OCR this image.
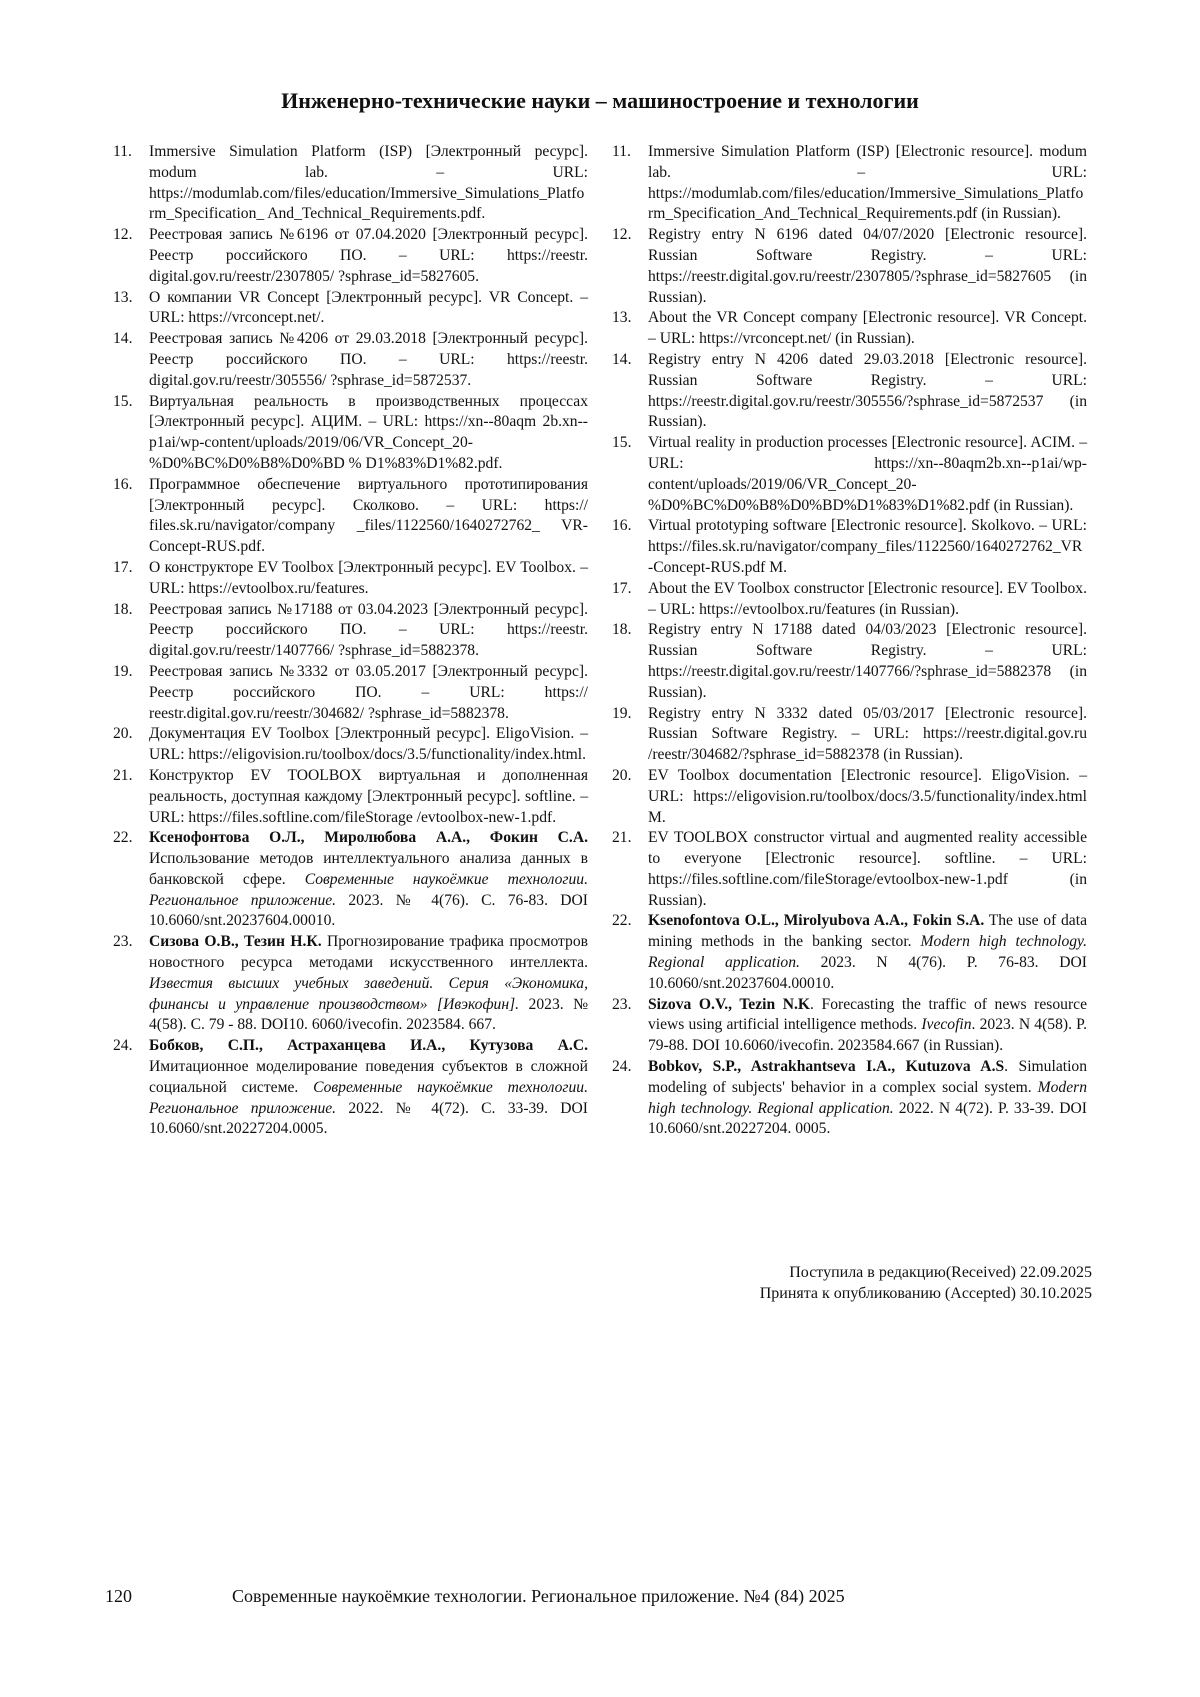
Инженерно-технические науки – машиностроение и технологии
11.	Immersive Simulation Platform (ISP) [Электронный ресурс]. modum lab. – URL: https://modumlab.com/files/education/Immersive_Simulations_Platform_Specification_ And_Technical_Requirements.pdf.
12.	Реестровая запись №6196 от 07.04.2020 [Электронный ресурс]. Реестр российского ПО. – URL: https://reestr. digital.gov.ru/reestr/2307805/ ?sphrase_id=5827605.
13.	О компании VR Concept [Электронный ресурс]. VR Concept. – URL: https://vrconcept.net/.
14.	Реестровая запись №4206 от 29.03.2018 [Электронный ресурс]. Реестр российского ПО. – URL: https://reestr. digital.gov.ru/reestr/305556/ ?sphrase_id=5872537.
15.	Виртуальная реальность в производственных процессах [Электронный ресурс]. АЦИМ. – URL: https://xn--80aqm 2b.xn-- p1ai/wp-content/uploads/2019/06/VR_Concept_20-%D0%BC%D0%B8%D0%BD % D1%83%D1%82.pdf.
16.	Программное обеспечение виртуального прототипирования [Электронный ресурс]. Сколково. – URL: https:// files.sk.ru/navigator/company _files/1122560/1640272762_ VR-Concept-RUS.pdf.
17.	О конструкторе EV Toolbox [Электронный ресурс]. EV Toolbox. – URL: https://evtoolbox.ru/features.
18.	Реестровая запись №17188 от 03.04.2023 [Электронный ресурс]. Реестр российского ПО. – URL: https://reestr. digital.gov.ru/reestr/1407766/ ?sphrase_id=5882378.
19.	Реестровая запись №3332 от 03.05.2017 [Электронный ресурс]. Реестр российского ПО. – URL: https:// reestr.digital.gov.ru/reestr/304682/ ?sphrase_id=5882378.
20.	Документация EV Toolbox [Электронный ресурс]. EligoVision. – URL: https://eligovision.ru/toolbox/docs/3.5/functionality/index.html.
21.	Конструктор EV TOOLBOX виртуальная и дополненная реальность, доступная каждому [Электронный ресурс]. softline. – URL: https://files.softline.com/fileStorage /evtoolbox-new-1.pdf.
22.	Ксенофонтова О.Л., Миролюбова А.А., Фокин С.А. Использование методов интеллектуального анализа данных в банковской сфере. Современные наукоёмкие технологии. Региональное приложение. 2023. № 4(76). С. 76-83. DOI 10.6060/snt.20237604.00010.
23.	Сизова О.В., Тезин Н.К. Прогнозирование трафика просмотров новостного ресурса методами искусственного интеллекта. Известия высших учебных заведений. Серия «Экономика, финансы и управление производством» [Ивэкофин]. 2023. № 4(58). С. 79 - 88. DOI10. 6060/ivecofin. 2023584. 667.
24.	Бобков, С.П., Астраханцева И.А., Кутузова А.С. Имитационное моделирование поведения субъектов в сложной социальной системе. Современные наукоёмкие технологии. Региональное приложение. 2022. № 4(72). С. 33-39. DOI 10.6060/snt.20227204.0005.
11.	Immersive Simulation Platform (ISP) [Electronic resource]. modum lab. – URL: https://modumlab.com/files/education/Immersive_Simulations_Platform_Specification_And_Technical_Requirements.pdf (in Russian).
12.	Registry entry N 6196 dated 04/07/2020 [Electronic resource]. Russian Software Registry. – URL: https://reestr.digital.gov.ru/reestr/2307805/?sphrase_id=5827605 (in Russian).
13.	About the VR Concept company [Electronic resource]. VR Concept. – URL: https://vrconcept.net/ (in Russian).
14.	Registry entry N 4206 dated 29.03.2018 [Electronic resource]. Russian Software Registry. – URL: https://reestr.digital.gov.ru/reestr/305556/?sphrase_id=5872537 (in Russian).
15.	Virtual reality in production processes [Electronic resource]. ACIM. – URL: https://xn--80aqm2b.xn--p1ai/wp-content/uploads/2019/06/VR_Concept_20-%D0%BC%D0%B8%D0%BD%D1%83%D1%82.pdf (in Russian).
16.	Virtual prototyping software [Electronic resource]. Skolkovo. – URL: https://files.sk.ru/navigator/company_files/1122560/1640272762_VR-Concept-RUS.pdf M.
17.	About the EV Toolbox constructor [Electronic resource]. EV Toolbox. – URL: https://evtoolbox.ru/features (in Russian).
18.	Registry entry N 17188 dated 04/03/2023 [Electronic resource]. Russian Software Registry. – URL: https://reestr.digital.gov.ru/reestr/1407766/?sphrase_id=5882378 (in Russian).
19.	Registry entry N 3332 dated 05/03/2017 [Electronic resource]. Russian Software Registry. – URL: https://reestr.digital.gov.ru /reestr/304682/?sphrase_id=5882378 (in Russian).
20.	EV Toolbox documentation [Electronic resource]. EligoVision. – URL: https://eligovision.ru/toolbox/docs/3.5/functionality/index.html M.
21.	EV TOOLBOX constructor virtual and augmented reality accessible to everyone [Electronic resource]. softline. – URL: https://files.softline.com/fileStorage/evtoolbox-new-1.pdf (in Russian).
22.	Ksenofontova O.L., Mirolyubova A.A., Fokin S.A. The use of data mining methods in the banking sector. Modern high technology. Regional application. 2023. N 4(76). P. 76-83. DOI 10.6060/snt.20237604.00010.
23.	Sizova O.V., Tezin N.K. Forecasting the traffic of news resource views using artificial intelligence methods. Ivecofin. 2023. N 4(58). P. 79-88. DOI 10.6060/ivecofin. 2023584.667 (in Russian).
24.	Bobkov, S.P., Astrakhantseva I.A., Kutuzova A.S. Simulation modeling of subjects' behavior in a complex social system. Modern high technology. Regional application. 2022. N 4(72). P. 33-39. DOI 10.6060/snt.20227204. 0005.
Поступила в редакцию(Received) 22.09.2025
Принята к опубликованию (Accepted) 30.10.2025
120	Современные наукоёмкие технологии. Региональное приложение. №4 (84) 2025
